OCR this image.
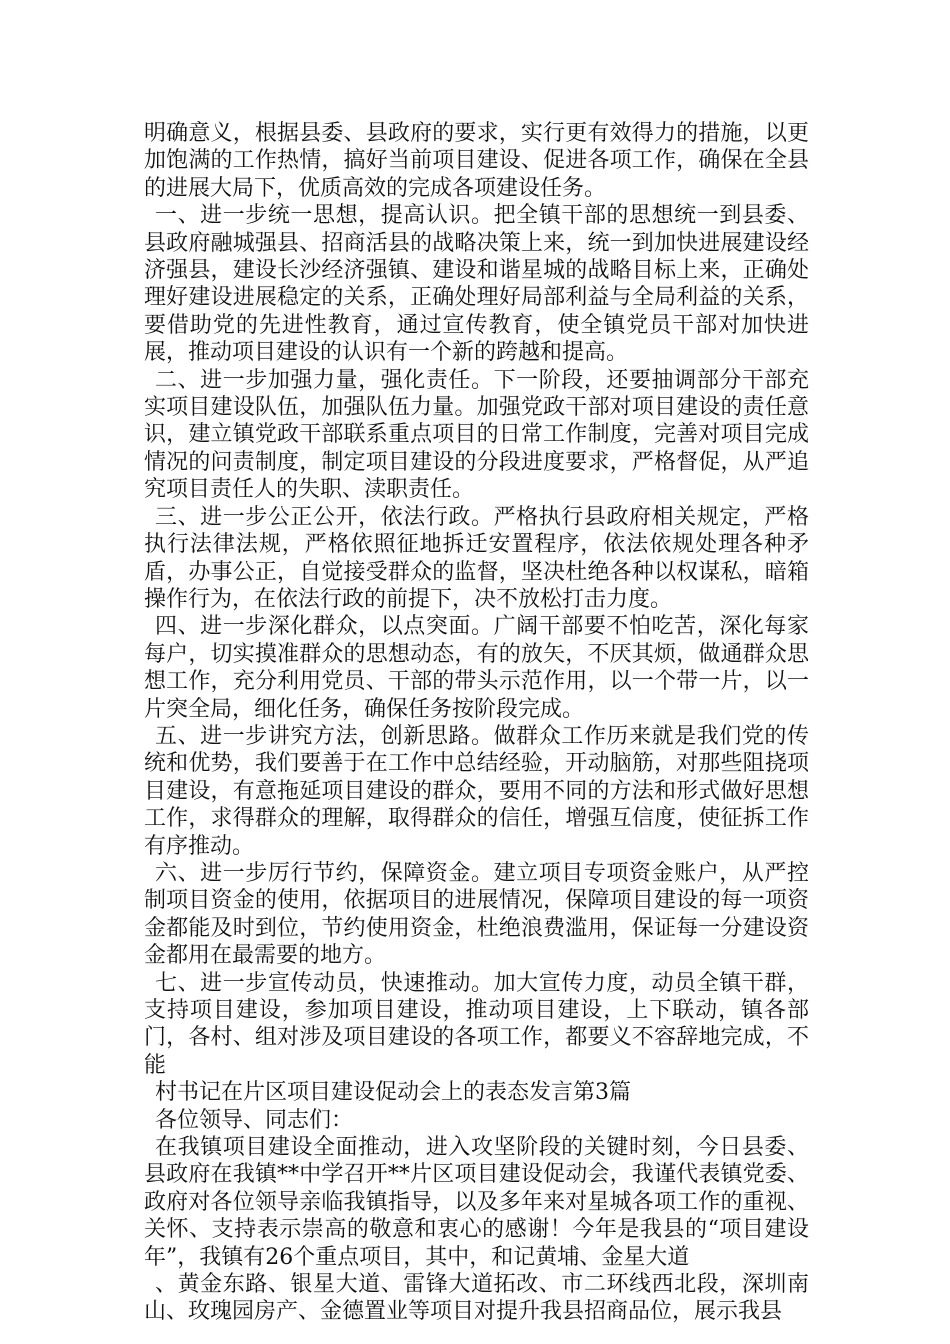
明确意义，根据县委、县政府的要求，实行更有效得力的措施，以更加饱满的工作热情，搞好当前项目建设、促进各项工作，确保在全县的进展大局下，优质高效的完成各项建设任务。

一、进一步统一思想，提高认识。把全镇干部的思想统一到县委、县政府融城强县、招商活县的战略决策上来，统一到加快进展建设经济强县，建设长沙经济强镇、建设和谐星城的战略目标上来，正确处理好建设进展稳定的关系，正确处理好局部利益与全局利益的关系，要借助党的先进性教育，通过宣传教育，使全镇党员干部对加快进展，推动项目建设的认识有一个新的跨越和提高。

二、进一步加强力量，强化责任。下一阶段，还要抽调部分干部充实项目建设队伍，加强队伍力量。加强党政干部对项目建设的责任意识，建立镇党政干部联系重点项目的日常工作制度，完善对项目完成情况的问责制度，制定项目建设的分段进度要求，严格督促，从严追究项目责任人的失职、渎职责任。

三、进一步公正公开，依法行政。严格执行县政府相关规定，严格执行法律法规，严格依照征地拆迁安置程序，依法依规处理各种矛盾，办事公正，自觉接受群众的监督，坚决杜绝各种以权谋私，暗箱操作行为，在依法行政的前提下，决不放松打击力度。

四、进一步深化群众，以点突面。广阔干部要不怕吃苦，深化每家每户，切实摸准群众的思想动态，有的放矢，不厌其烦，做通群众思想工作，充分利用党员、干部的带头示范作用，以一个带一片，以一片突全局，细化任务，确保任务按阶段完成。

五、进一步讲究方法，创新思路。做群众工作历来就是我们党的传统和优势，我们要善于在工作中总结经验，开动脑筋，对那些阻挠项目建设，有意拖延项目建设的群众，要用不同的方法和形式做好思想工作，求得群众的理解，取得群众的信任，增强互信度，使征拆工作有序推动。

六、进一步厉行节约，保障资金。建立项目专项资金账户，从严控制项目资金的使用，依据项目的进展情况，保障项目建设的每一项资金都能及时到位，节约使用资金，杜绝浪费滥用，保证每一分建设资金都用在最需要的地方。

七、进一步宣传动员，快速推动。加大宣传力度，动员全镇干群，支持项目建设，参加项目建设，推动项目建设，上下联动，镇各部门，各村、组对涉及项目建设的各项工作，都要义不容辞地完成，不能

村书记在片区项目建设促动会上的表态发言第3篇

各位领导、同志们：

在我镇项目建设全面推动，进入攻坚阶段的关键时刻，今日县委、县政府在我镇**中学召开**片区项目建设促动会，我谨代表镇党委、政府对各位领导亲临我镇指导，以及多年来对星城各项工作的重视、关怀、支持表示崇高的敬意和衷心的感谢！今年是我县的“项目建设年”，我镇有26个重点项目，其中，和记黄埔、金星大道

、黄金东路、银星大道、雷锋大道拓改、市二环线西北段，深圳南山、玫瑰园房产、金德置业等项目对提升我县招商品位，展示我县
